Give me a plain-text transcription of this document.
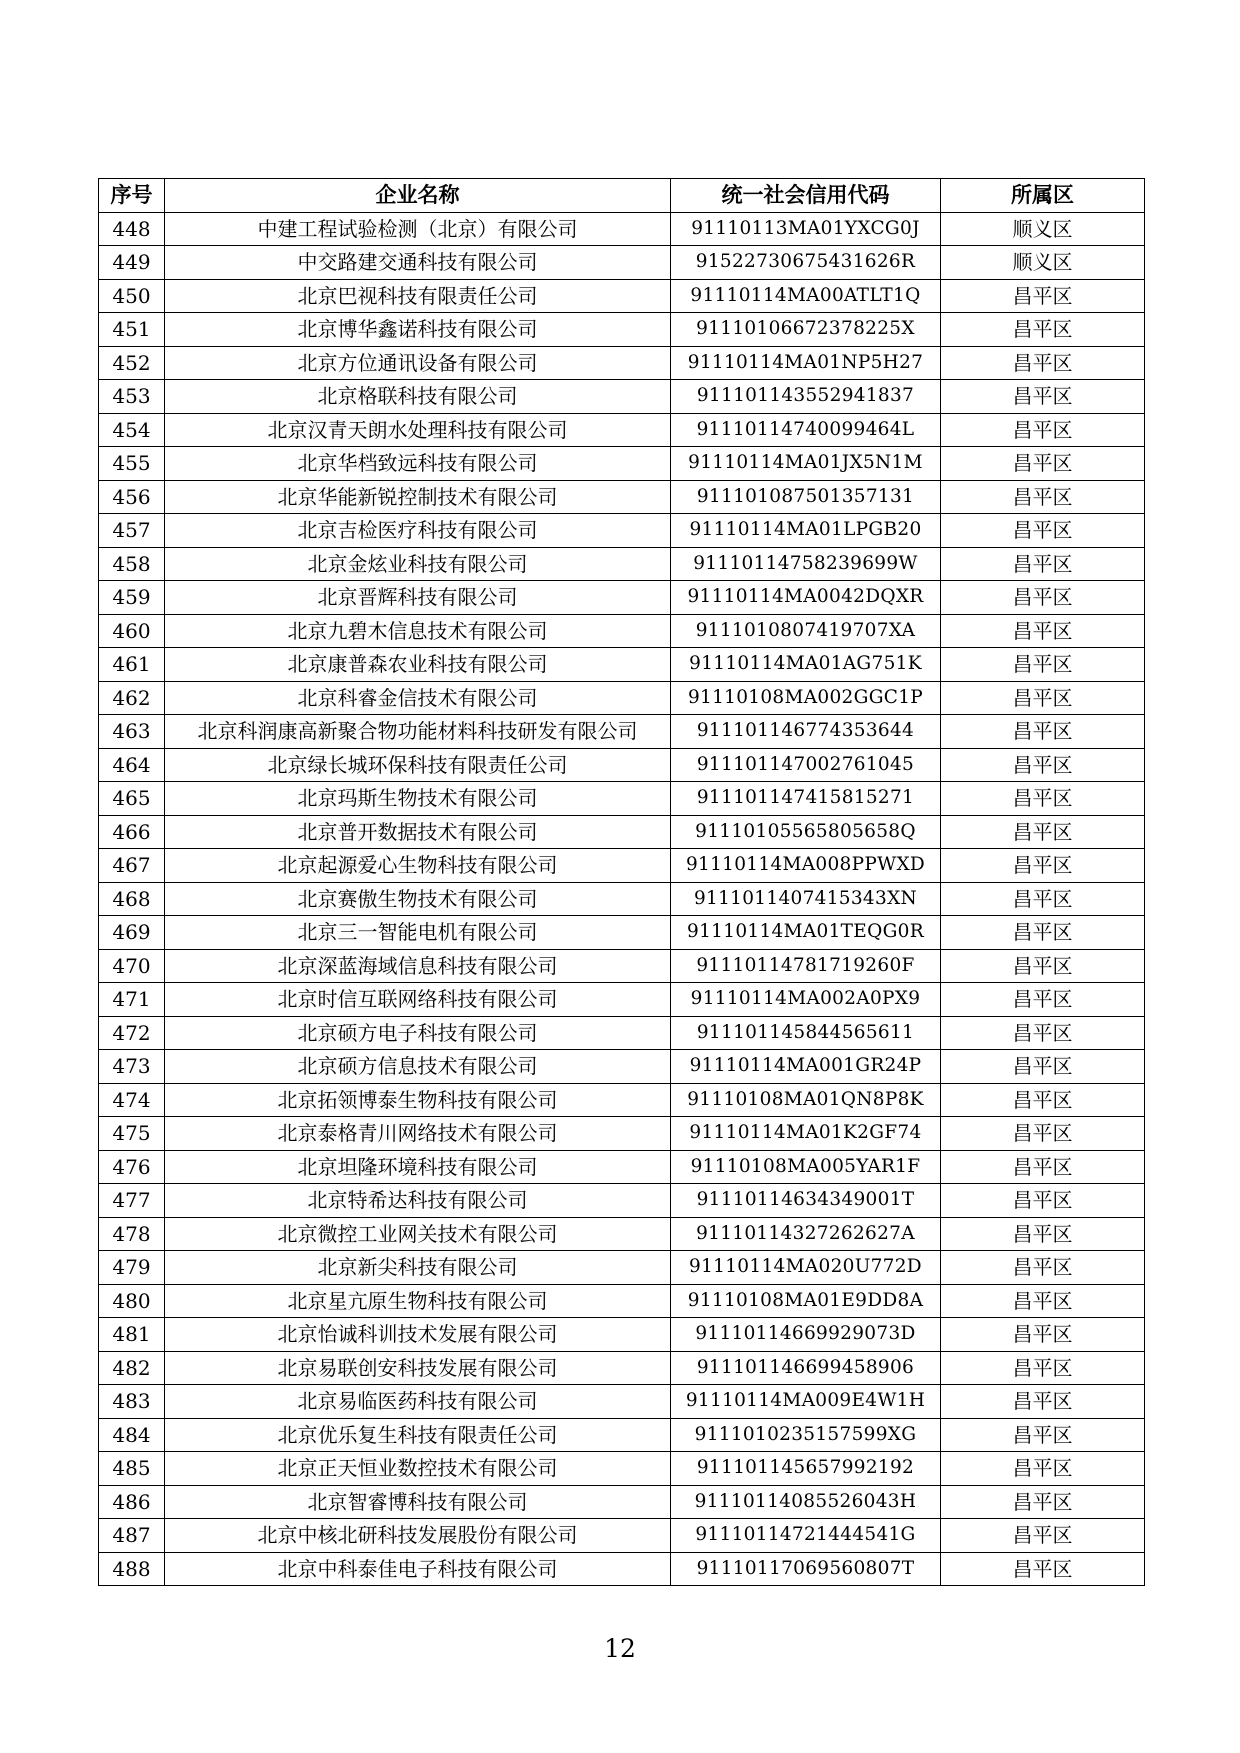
序号	企业名称	统一社会信用代码	所属区
448	中建工程试验检测（北京）有限公司	91110113MA01YXCG0J	顺义区
449	中交路建交通科技有限公司	91522730675431626R	顺义区
450	北京巴视科技有限责任公司	91110114MA00ATLT1Q	昌平区
451	北京博华鑫诺科技有限公司	91110106672378225X	昌平区
452	北京方位通讯设备有限公司	91110114MA01NP5H27	昌平区
453	北京格联科技有限公司	911101143552941837	昌平区
454	北京汉青天朗水处理科技有限公司	91110114740099464L	昌平区
455	北京华档致远科技有限公司	91110114MA01JX5N1M	昌平区
456	北京华能新锐控制技术有限公司	911101087501357131	昌平区
457	北京吉检医疗科技有限公司	91110114MA01LPGB20	昌平区
458	北京金炫业科技有限公司	91110114758239699W	昌平区
459	北京晋辉科技有限公司	91110114MA0042DQXR	昌平区
460	北京九碧木信息技术有限公司	9111010807419707XA	昌平区
461	北京康普森农业科技有限公司	91110114MA01AG751K	昌平区
462	北京科睿金信技术有限公司	91110108MA002GGC1P	昌平区
463	北京科润康高新聚合物功能材料科技研发有限公司	911101146774353644	昌平区
464	北京绿长城环保科技有限责任公司	911101147002761045	昌平区
465	北京玛斯生物技术有限公司	911101147415815271	昌平区
466	北京普开数据技术有限公司	91110105565805658Q	昌平区
467	北京起源爱心生物科技有限公司	91110114MA008PPWXD	昌平区
468	北京赛傲生物技术有限公司	9111011407415343XN	昌平区
469	北京三一智能电机有限公司	91110114MA01TEQG0R	昌平区
470	北京深蓝海域信息科技有限公司	91110114781719260F	昌平区
471	北京时信互联网络科技有限公司	91110114MA002A0PX9	昌平区
472	北京硕方电子科技有限公司	911101145844565611	昌平区
473	北京硕方信息技术有限公司	91110114MA001GR24P	昌平区
474	北京拓领博泰生物科技有限公司	91110108MA01QN8P8K	昌平区
475	北京泰格青川网络技术有限公司	91110114MA01K2GF74	昌平区
476	北京坦隆环境科技有限公司	91110108MA005YAR1F	昌平区
477	北京特希达科技有限公司	91110114634349001T	昌平区
478	北京微控工业网关技术有限公司	91110114327262627A	昌平区
479	北京新尖科技有限公司	91110114MA020U772D	昌平区
480	北京星亢原生物科技有限公司	91110108MA01E9DD8A	昌平区
481	北京怡诚科训技术发展有限公司	91110114669929073D	昌平区
482	北京易联创安科技发展有限公司	911101146699458906	昌平区
483	北京易临医药科技有限公司	91110114MA009E4W1H	昌平区
484	北京优乐复生科技有限责任公司	9111010235157599XG	昌平区
485	北京正天恒业数控技术有限公司	911101145657992192	昌平区
486	北京智睿博科技有限公司	91110114085526043H	昌平区
487	北京中核北研科技发展股份有限公司	91110114721444541G	昌平区
488	北京中科泰佳电子科技有限公司	91110117069560807T	昌平区
12
